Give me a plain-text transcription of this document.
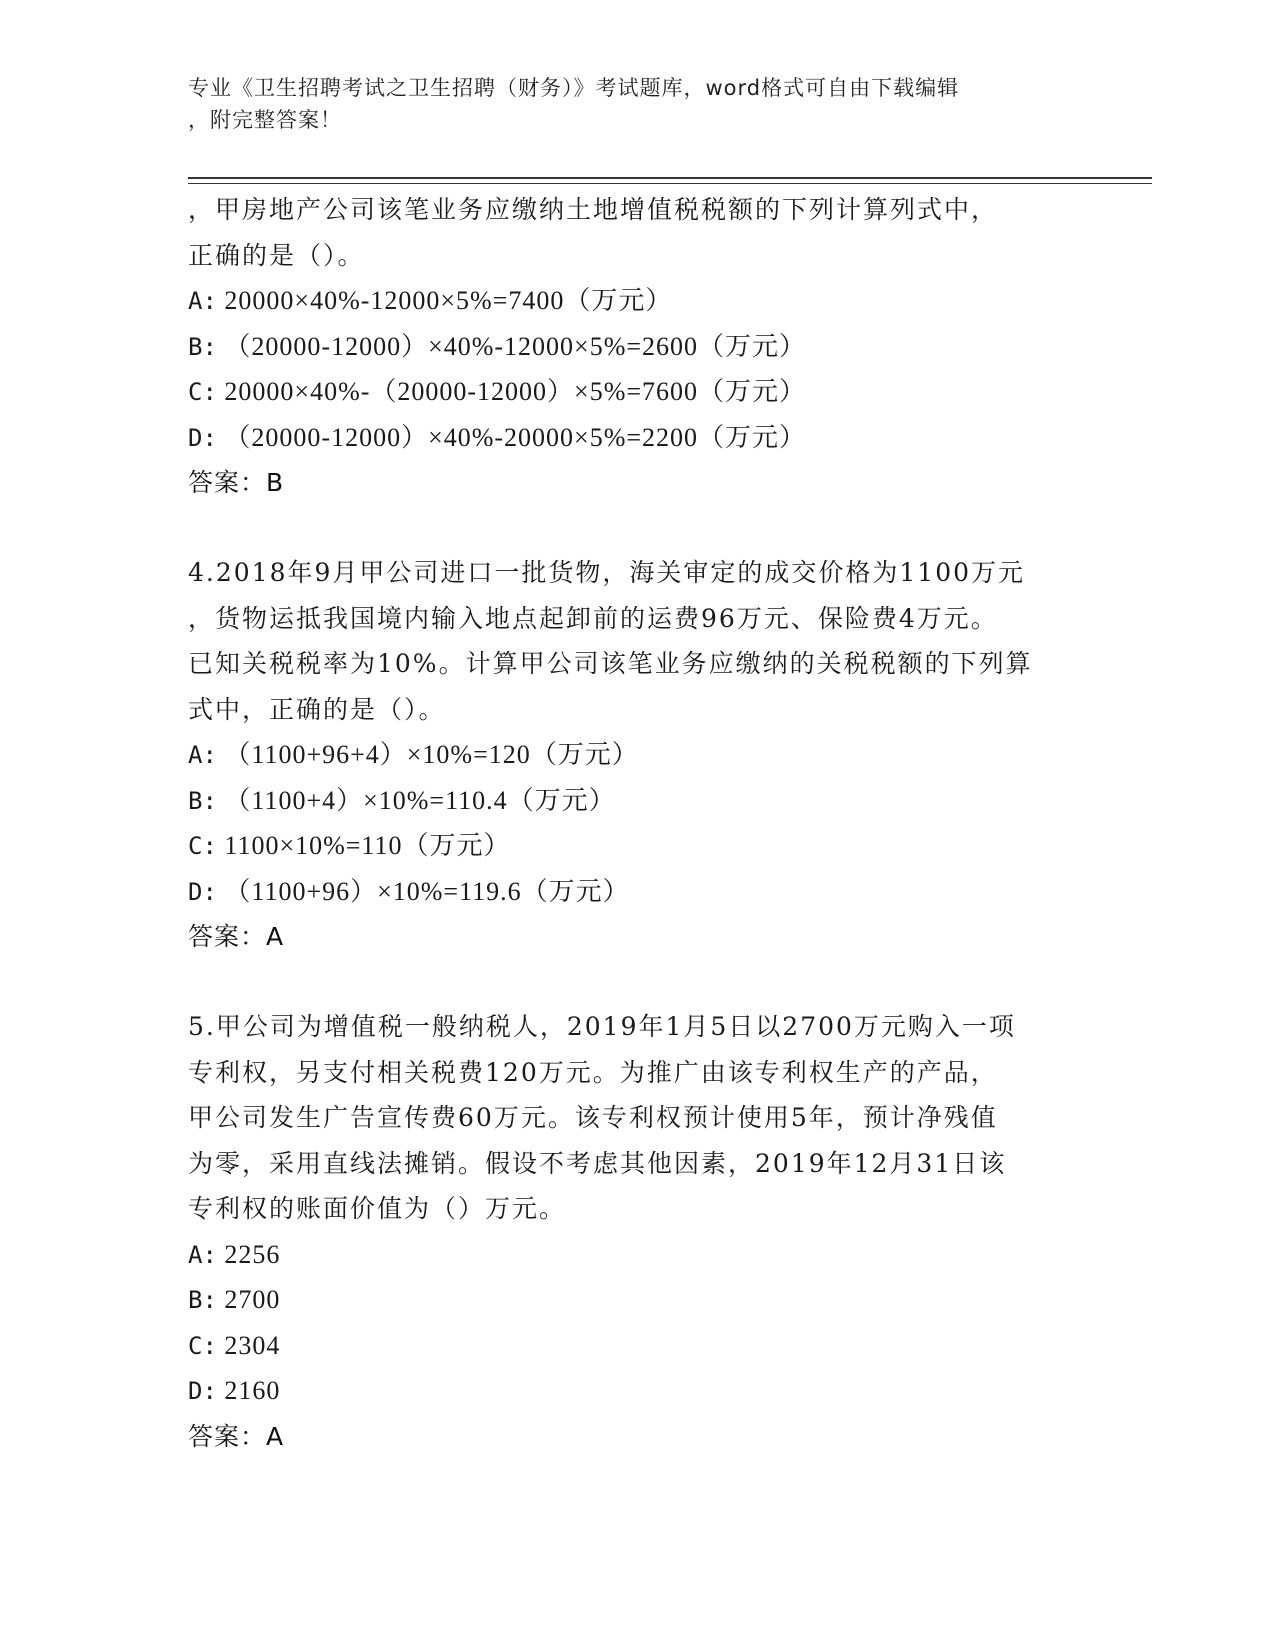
专业《卫生招聘考试之卫生招聘（财务）》考试题库，word格式可自由下载编辑
，附完整答案！
，甲房地产公司该笔业务应缴纳土地增值税税额的下列计算列式中，
正确的是（）。
A: 20000×40%-12000×5%=7400（万元）
B: （20000-12000）×40%-12000×5%=2600（万元）
C: 20000×40%-（20000-12000）×5%=7600（万元）
D: （20000-12000）×40%-20000×5%=2200（万元）
答案：B
4.2018年9月甲公司进口一批货物，海关审定的成交价格为1100万元
，货物运抵我国境内输入地点起卸前的运费96万元、保险费4万元。
已知关税税率为10%。计算甲公司该笔业务应缴纳的关税税额的下列算
式中，正确的是（）。
A: （1100+96+4）×10%=120（万元）
B: （1100+4）×10%=110.4（万元）
C: 1100×10%=110（万元）
D: （1100+96）×10%=119.6（万元）
答案：A
5.甲公司为增值税一般纳税人，2019年1月5日以2700万元购入一项
专利权，另支付相关税费120万元。为推广由该专利权生产的产品，
甲公司发生广告宣传费60万元。该专利权预计使用5年，预计净残值
为零，采用直线法摊销。假设不考虑其他因素，2019年12月31日该
专利权的账面价值为（）万元。
A: 2256
B: 2700
C: 2304
D: 2160
答案：A
